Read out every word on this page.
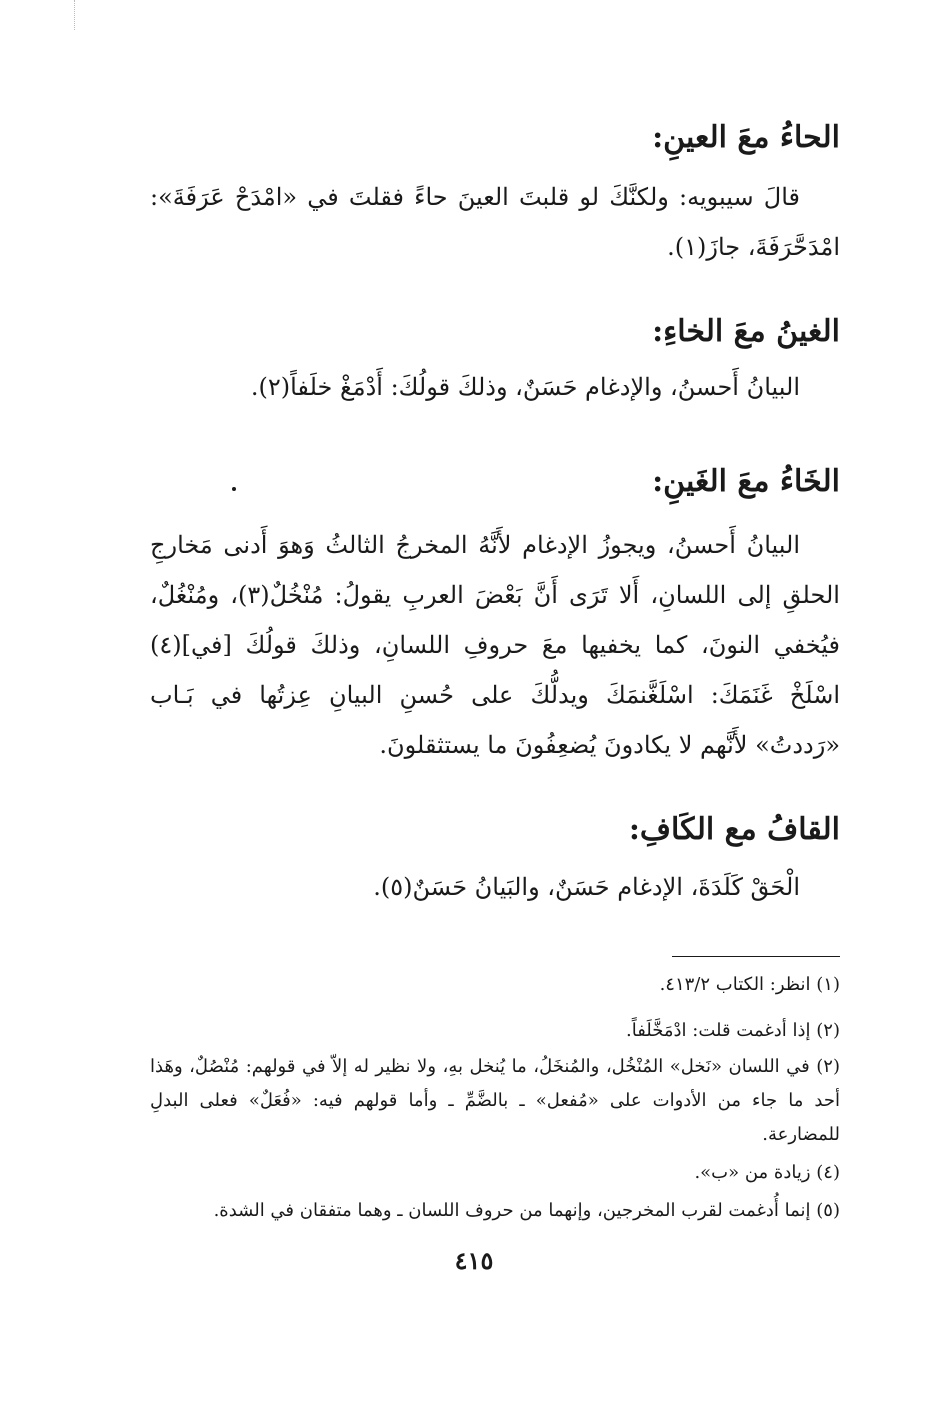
الحاءُ معَ العينِ:
قالَ سيبويه: ولكنَّكَ لو قلبتَ العينَ حاءً فقلتَ في «امْدَحْ عَرَفَةَ»: امْدَحَّرَفَةَ، جازَ(١).
الغينُ معَ الخاءِ:
البيانُ أَحسنُ، والإدغام حَسَنٌ، وذلكَ قولُكَ: أَدْمَغْ خلَفاً(٢).
الخَاءُ معَ الغَينِ:
البيانُ أَحسنُ، ويجوزُ الإدغام لأَنَّهُ المخرجُ الثالثُ وَهوَ أَدنى مَخارجِ الحلقِ إلى اللسانِ، أَلا تَرَى أَنَّ بَعْضَ العربِ يقولُ: مُنْخُلٌ(٣)، ومُنْغُلٌ، فيُخفي النونَ، كما يخفيها معَ حروفِ اللسانِ، وذلكَ قولُكَ [في](٤) اسْلَخْ غَنَمَكَ: اسْلَغَّنمَكَ ويدلُّكَ على حُسنِ البيانِ عِزتُها في بَـاب «رَددتُ» لأَنَّهم لا يكادونَ يُضعِفُونَ ما يستثقلونَ.
القافُ مع الكَافِ:
الْحَقْ كَلَدَةَ، الإدغام حَسَنٌ، والبَيانُ حَسَنٌ(٥).
(١) انظر: الكتاب ٤١٣/٢.
(٢) إذا أدغمت قلت: ادْمَخَّلَفاً.
(٢) في اللسان «نَخل» المُنْخُل، والمُنخَلُ، ما يُنخل بهِ، ولا نظير له إلاّ في قولهم: مُنْصُلٌ، وهَذا أحد ما جاء من الأدوات على «مُفعل» ـ بالضَّمِّ ـ وأما قولهم فيه: «فُعَلٌ» فعلى البدلِ للمضارعة.
(٤) زيادة من «ب».
(٥) إنما أُدغمت لقرب المخرجين، وإنهما من حروف اللسان ـ وهما متفقان في الشدة.
٤١٥
